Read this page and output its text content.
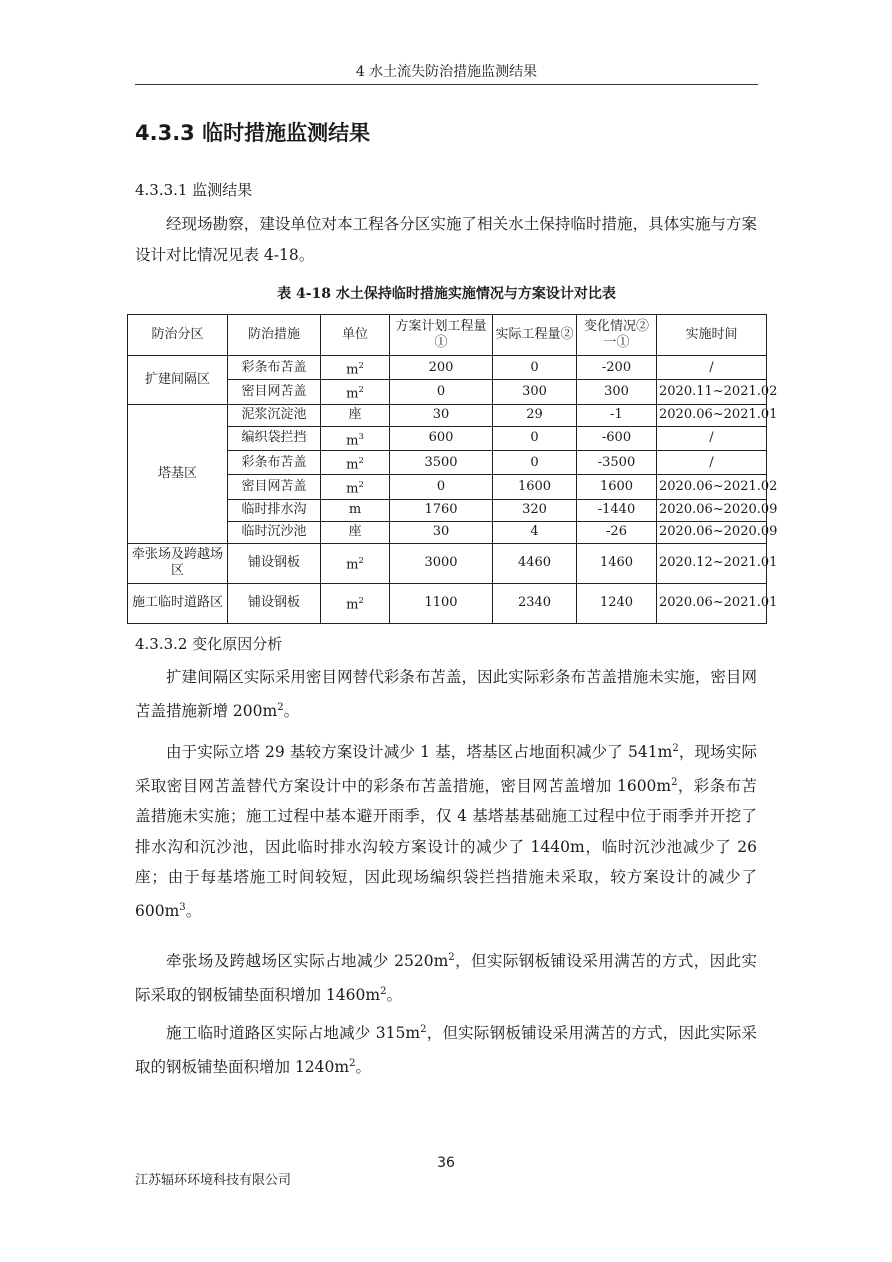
4 水土流失防治措施监测结果
4.3.3 临时措施监测结果
4.3.3.1 监测结果

经现场勘察，建设单位对本工程各分区实施了相关水土保持临时措施，具体实施与方案设计对比情况见表 4-18。

表 4-18 水土保持临时措施实施情况与方案设计对比表
防治分区	防治措施	单位	方案计划工程量①	实际工程量②	变化情况②一①	实施时间
扩建间隔区	彩条布苫盖	$m^2$	200	0	-200	/
	密目网苫盖	$m^2$	0	300	300	2020.11~2021.02
塔基区	泥浆沉淀池	座	30	29	-1	2020.06~2021.01
	编织袋拦挡	$m^3$	600	0	-600	/
	彩条布苫盖	$m^2$	3500	0	-3500	/
	密目网苫盖	$m^2$	0	1600	1600	2020.06~2021.02
	临时排水沟	m	1760	320	-1440	2020.06~2020.09
	临时沉沙池	座	30	4	-26	2020.06~2020.09
牵张场及跨越场区	铺设钢板	$m^2$	3000	4460	1460	2020.12~2021.01
施工临时道路区	铺设钢板	$m^2$	1100	2340	1240	2020.06~2021.01
4.3.3.2 变化原因分析

扩建间隔区实际采用密目网替代彩条布苫盖，因此实际彩条布苫盖措施未实施，密目网苫盖措施新增 $200m^2$。

由于实际立塔 29 基较方案设计减少 1 基，塔基区占地面积减少了 $541m^2$，现场实际采取密目网苫盖替代方案设计中的彩条布苫盖措施，密目网苫盖增加 $1600m^2$，彩条布苫盖措施未实施；施工过程中基本避开雨季，仅 4 基塔基基础施工过程中位于雨季并开挖了排水沟和沉沙池，因此临时排水沟较方案设计的减少了 1440m，临时沉沙池减少了 26 座；由于每基塔施工时间较短，因此现场编织袋拦挡措施未采取，较方案设计的减少了 $600m^3$。

牵张场及跨越场区实际占地减少 $2520m^2$，但实际钢板铺设采用满苫的方式，因此实际采取的钢板铺垫面积增加 $1460m^2$。

施工临时道路区实际占地减少 $315m^2$，但实际钢板铺设采用满苫的方式，因此实际采取的钢板铺垫面积增加 $1240m^2$。

36
江苏辐环环境科技有限公司
